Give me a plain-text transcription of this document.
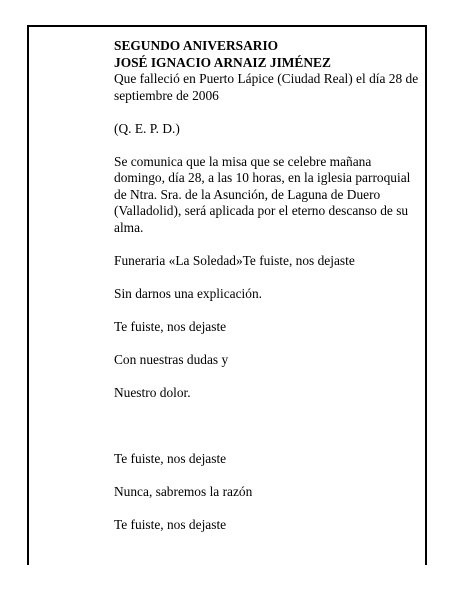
SEGUNDO ANIVERSARIO

JOSÉ IGNACIO ARNAIZ JIMÉNEZ

Que falleció en Puerto Lápice (Ciudad Real) el día 28 de septiembre de 2006

(Q. E. P. D.)

Se comunica que la misa que se celebre mañana domingo, día 28, a las 10 horas, en la iglesia parroquial de Ntra. Sra. de la Asunción, de Laguna de Duero (Valladolid), será aplicada por el eterno descanso de su alma.

Funeraria «La Soledad»Te fuiste, nos dejaste

Sin darnos una explicación.

Te fuiste, nos dejaste

Con nuestras dudas y

Nuestro dolor.

Te fuiste, nos dejaste

Nunca, sabremos la razón

Te fuiste, nos dejaste
